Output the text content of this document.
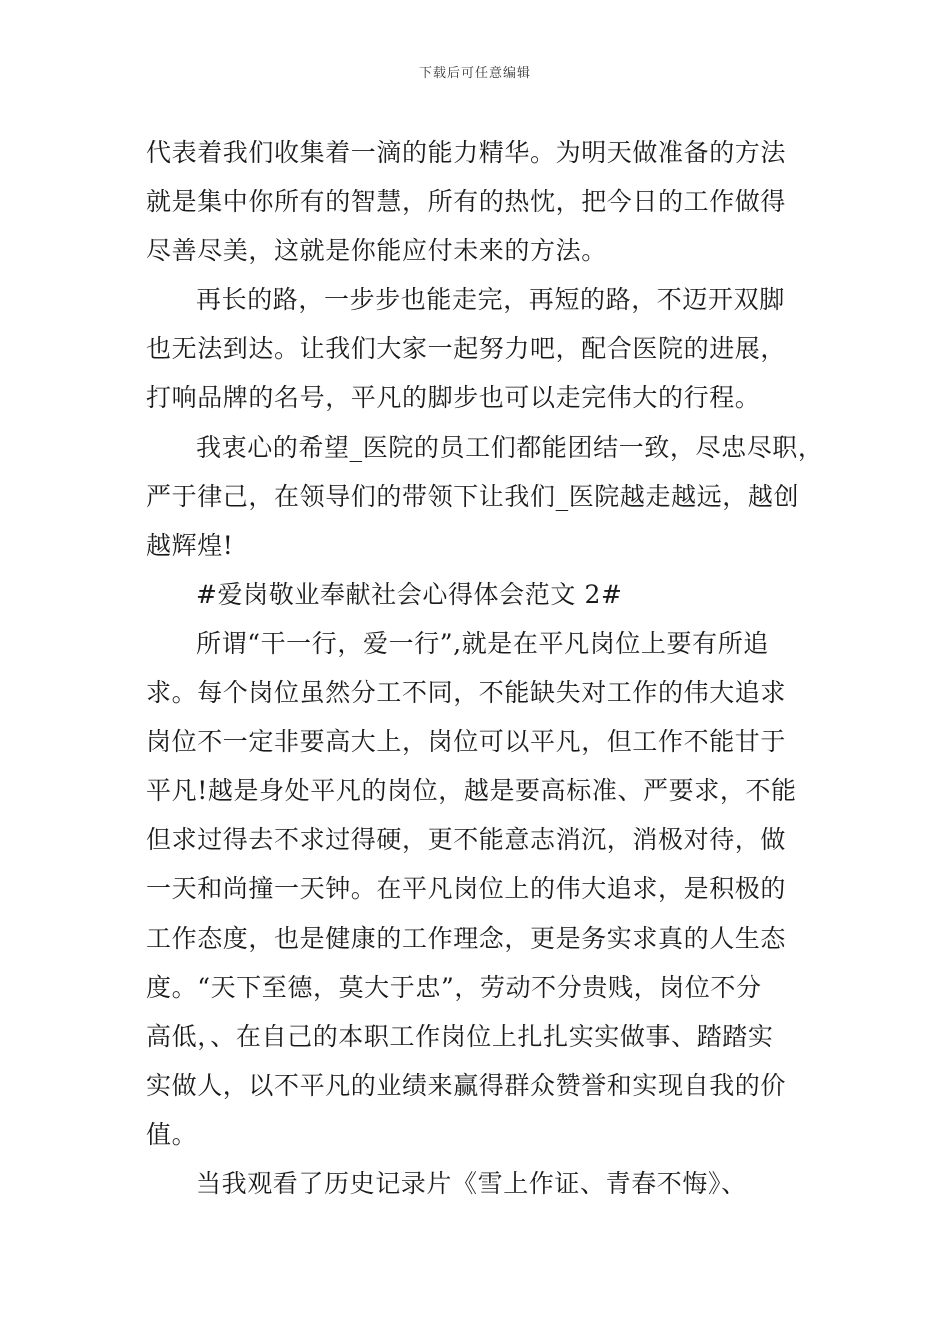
下载后可任意编辑
代表着我们收集着一滴的能力精华。为明天做准备的方法
就是集中你所有的智慧，所有的热忱，把今日的工作做得
尽善尽美，这就是你能应付未来的方法。
再长的路，一步步也能走完，再短的路，不迈开双脚
也无法到达。让我们大家一起努力吧，配合医院的进展，
打响品牌的名号，平凡的脚步也可以走完伟大的行程。
我衷心的希望_医院的员工们都能团结一致，尽忠尽职，
严于律己，在领导们的带领下让我们_医院越走越远，越创
越辉煌!
#爱岗敬业奉献社会心得体会范文 2#
所谓“干一行，爱一行”,就是在平凡岗位上要有所追
求。每个岗位虽然分工不同，不能缺失对工作的伟大追求
岗位不一定非要高大上，岗位可以平凡，但工作不能甘于
平凡!越是身处平凡的岗位，越是要高标准、严要求，不能
但求过得去不求过得硬，更不能意志消沉，消极对待，做
一天和尚撞一天钟。在平凡岗位上的伟大追求，是积极的
工作态度，也是健康的工作理念，更是务实求真的人生态
度。“天下至德，莫大于忠”，劳动不分贵贱，岗位不分
高低，、在自己的本职工作岗位上扎扎实实做事、踏踏实
实做人，以不平凡的业绩来赢得群众赞誉和实现自我的价
值。
当我观看了历史记录片《雪上作证、青春不悔》、
